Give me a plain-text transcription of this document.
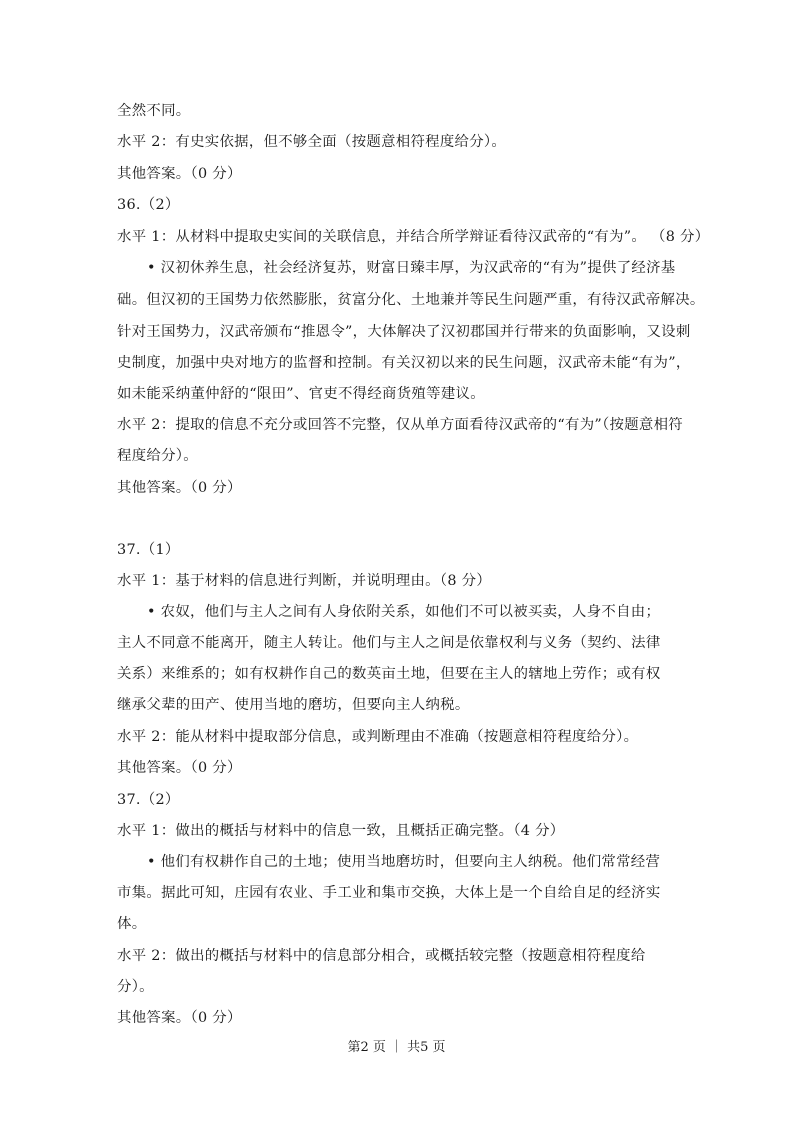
全然不同。
水平 2：有史实依据，但不够全面（按题意相符程度给分）。
其他答案。（0 分）
36.（2）
水平 1：从材料中提取史实间的关联信息，并结合所学辩证看待汉武帝的“有为”。 （8 分）
• 汉初休养生息，社会经济复苏，财富日臻丰厚，为汉武帝的“有为”提供了经济基
础。但汉初的王国势力依然膨胀，贫富分化、土地兼并等民生问题严重，有待汉武帝解决。
针对王国势力，汉武帝颁布“推恩令”，大体解决了汉初郡国并行带来的负面影响，又设刺
史制度，加强中央对地方的监督和控制。有关汉初以来的民生问题，汉武帝未能“有为”，
如未能采纳董仲舒的“限田”、官吏不得经商货殖等建议。
水平 2：提取的信息不充分或回答不完整，仅从单方面看待汉武帝的“有为”（按题意相符
程度给分）。
其他答案。（0 分）
37.（1）
水平 1：基于材料的信息进行判断，并说明理由。（8 分）
• 农奴，他们与主人之间有人身依附关系，如他们不可以被买卖，人身不自由；
主人不同意不能离开，随主人转让。他们与主人之间是依靠权利与义务（契约、法律
关系）来维系的；如有权耕作自己的数英亩土地，但要在主人的辖地上劳作；或有权
继承父辈的田产、使用当地的磨坊，但要向主人纳税。
水平 2：能从材料中提取部分信息，或判断理由不准确（按题意相符程度给分）。
其他答案。（0 分）
37.（2）
水平 1：做出的概括与材料中的信息一致，且概括正确完整。（4 分）
• 他们有权耕作自己的土地；使用当地磨坊时，但要向主人纳税。他们常常经营
市集。据此可知，庄园有农业、手工业和集市交换，大体上是一个自给自足的经济实
体。
水平 2：做出的概括与材料中的信息部分相合，或概括较完整（按题意相符程度给
分）。
其他答案。（0 分）
第2 页 ｜ 共5 页
